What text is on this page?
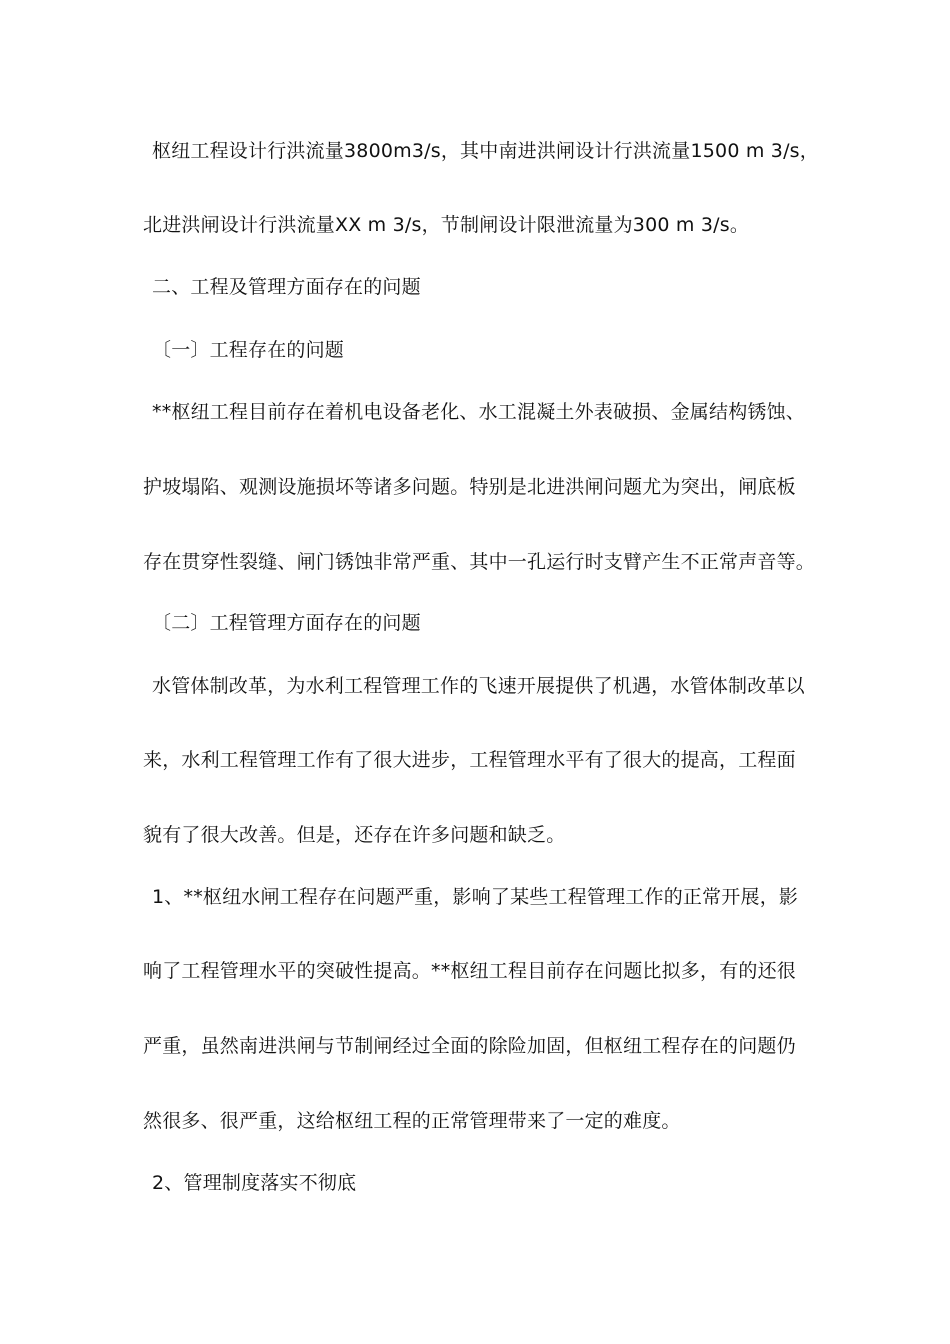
枢纽工程设计行洪流量3800m3/s，其中南进洪闸设计行洪流量1500 m 3/s，
北进洪闸设计行洪流量XX m 3/s，节制闸设计限泄流量为300 m 3/s。
二、工程及管理方面存在的问题
〔一〕工程存在的问题
**枢纽工程目前存在着机电设备老化、水工混凝土外表破损、金属结构锈蚀、
护坡塌陷、观测设施损坏等诸多问题。特别是北进洪闸问题尤为突出，闸底板
存在贯穿性裂缝、闸门锈蚀非常严重、其中一孔运行时支臂产生不正常声音等。
〔二〕工程管理方面存在的问题
水管体制改革，为水利工程管理工作的飞速开展提供了机遇，水管体制改革以
来，水利工程管理工作有了很大进步，工程管理水平有了很大的提高，工程面
貌有了很大改善。但是，还存在许多问题和缺乏。
1、**枢纽水闸工程存在问题严重，影响了某些工程管理工作的正常开展，影
响了工程管理水平的突破性提高。**枢纽工程目前存在问题比拟多，有的还很
严重，虽然南进洪闸与节制闸经过全面的除险加固，但枢纽工程存在的问题仍
然很多、很严重，这给枢纽工程的正常管理带来了一定的难度。
2、管理制度落实不彻底
